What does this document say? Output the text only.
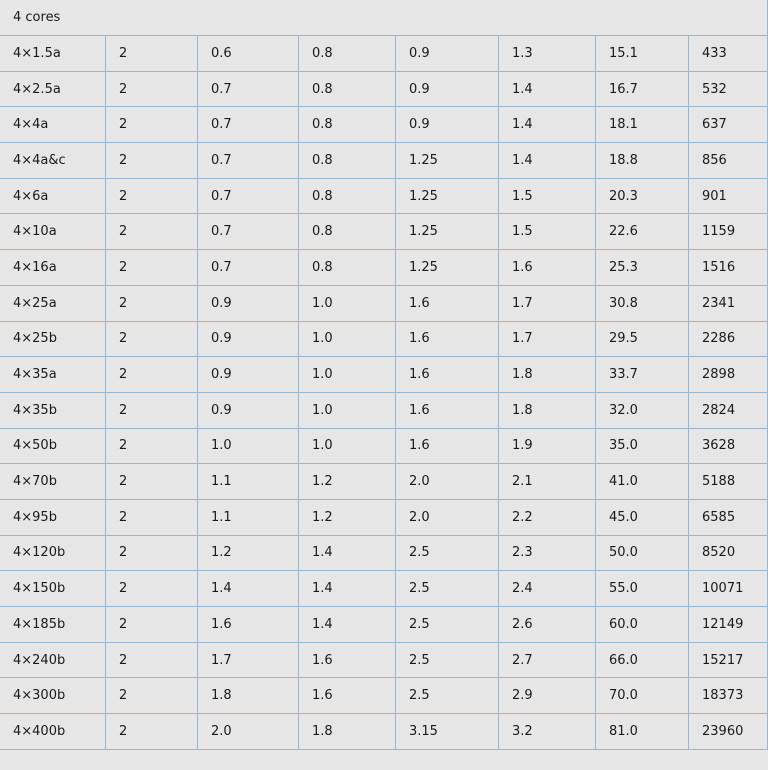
4 cores							
4×1.5a	2	0.6	0.8	0.9	1.3	15.1	433
4×2.5a	2	0.7	0.8	0.9	1.4	16.7	532
4×4a	2	0.7	0.8	0.9	1.4	18.1	637
4×4a&c	2	0.7	0.8	1.25	1.4	18.8	856
4×6a	2	0.7	0.8	1.25	1.5	20.3	901
4×10a	2	0.7	0.8	1.25	1.5	22.6	1159
4×16a	2	0.7	0.8	1.25	1.6	25.3	1516
4×25a	2	0.9	1.0	1.6	1.7	30.8	2341
4×25b	2	0.9	1.0	1.6	1.7	29.5	2286
4×35a	2	0.9	1.0	1.6	1.8	33.7	2898
4×35b	2	0.9	1.0	1.6	1.8	32.0	2824
4×50b	2	1.0	1.0	1.6	1.9	35.0	3628
4×70b	2	1.1	1.2	2.0	2.1	41.0	5188
4×95b	2	1.1	1.2	2.0	2.2	45.0	6585
4×120b	2	1.2	1.4	2.5	2.3	50.0	8520
4×150b	2	1.4	1.4	2.5	2.4	55.0	10071
4×185b	2	1.6	1.4	2.5	2.6	60.0	12149
4×240b	2	1.7	1.6	2.5	2.7	66.0	15217
4×300b	2	1.8	1.6	2.5	2.9	70.0	18373
4×400b	2	2.0	1.8	3.15	3.2	81.0	23960
